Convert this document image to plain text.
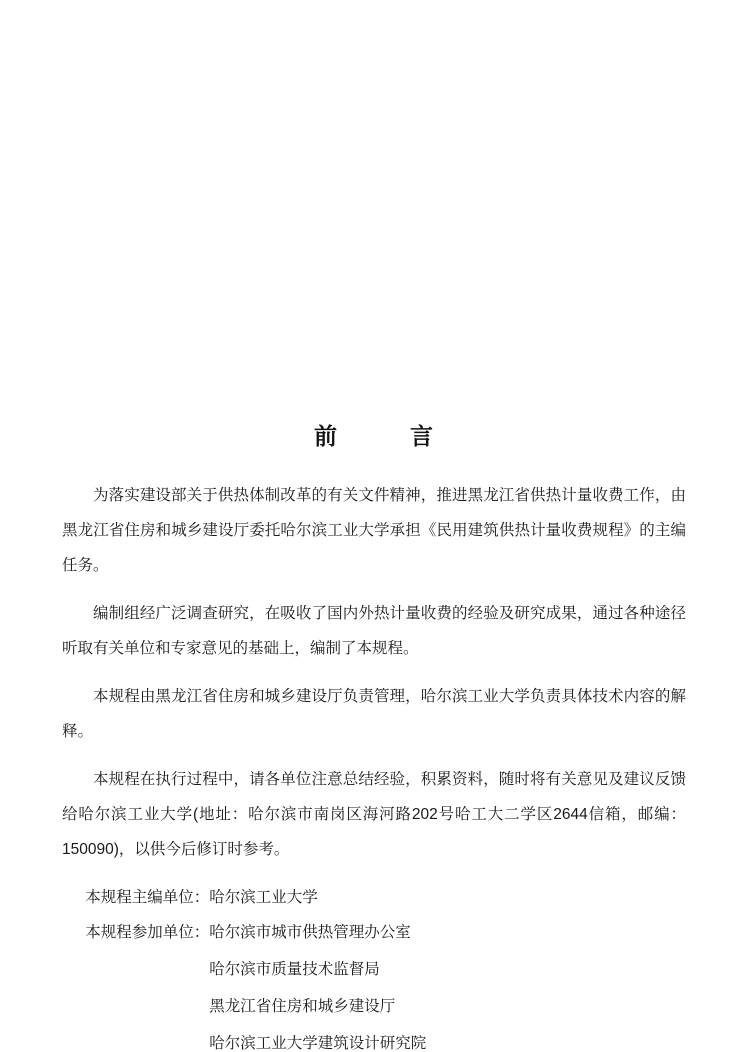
前　　　言

为落实建设部关于供热体制改革的有关文件精神，推进黑龙江省供热计量收费工作，由黑龙江省住房和城乡建设厅委托哈尔滨工业大学承担《民用建筑供热计量收费规程》的主编任务。

编制组经广泛调查研究，在吸收了国内外热计量收费的经验及研究成果，通过各种途径听取有关单位和专家意见的基础上，编制了本规程。

本规程由黑龙江省住房和城乡建设厅负责管理，哈尔滨工业大学负责具体技术内容的解释。

本规程在执行过程中，请各单位注意总结经验，积累资料，随时将有关意见及建议反馈给哈尔滨工业大学(地址：哈尔滨市南岗区海河路202号哈工大二学区2644信箱，邮编：150090)，以供今后修订时参考。

本规程主编单位：哈尔滨工业大学
本规程参加单位：哈尔滨市城市供热管理办公室
哈尔滨市质量技术监督局
黑龙江省住房和城乡建设厅
哈尔滨工业大学建筑设计研究院
